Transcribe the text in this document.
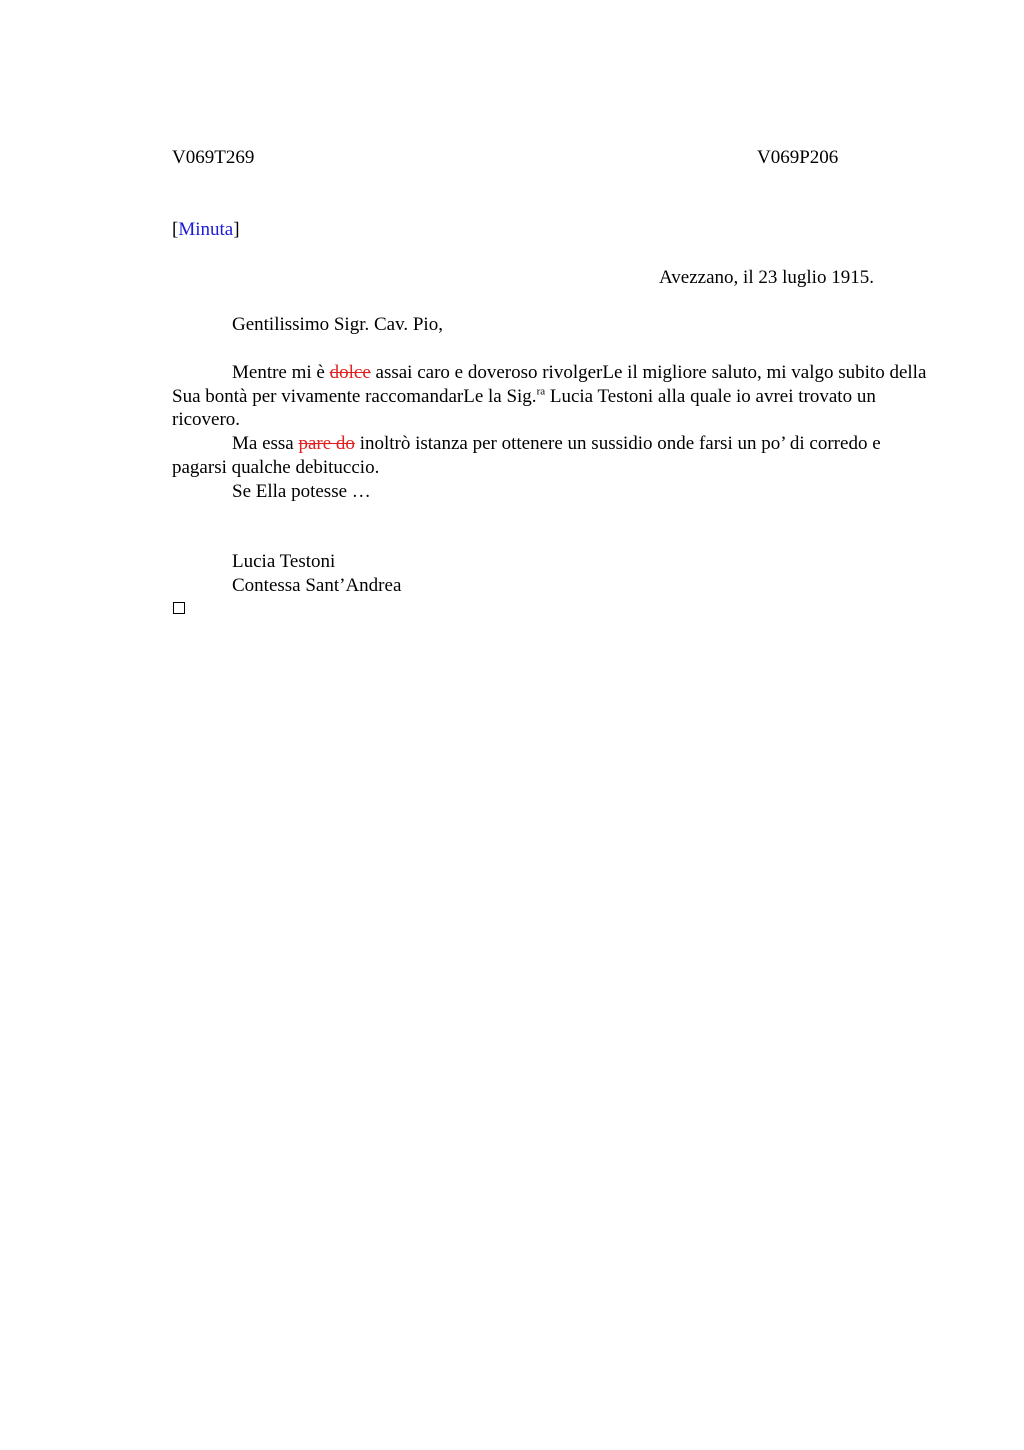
V069T269	V069P206
[Minuta]
Avezzano, il 23 luglio 1915.
Gentilissimo Sigr. Cav. Pio,

Mentre mi è dolce assai caro e doveroso rivolgerLe il migliore saluto, mi valgo subito della Sua bontà per vivamente raccomandarLe la Sig.$^{ra}$ Lucia Testoni alla quale io avrei trovato un ricovero.

Ma essa pare do inoltrò istanza per ottenere un sussidio onde farsi un po’ di corredo e pagarsi qualche debituccio.

Se Ella potesse …

Lucia Testoni
Contessa Sant’Andrea
